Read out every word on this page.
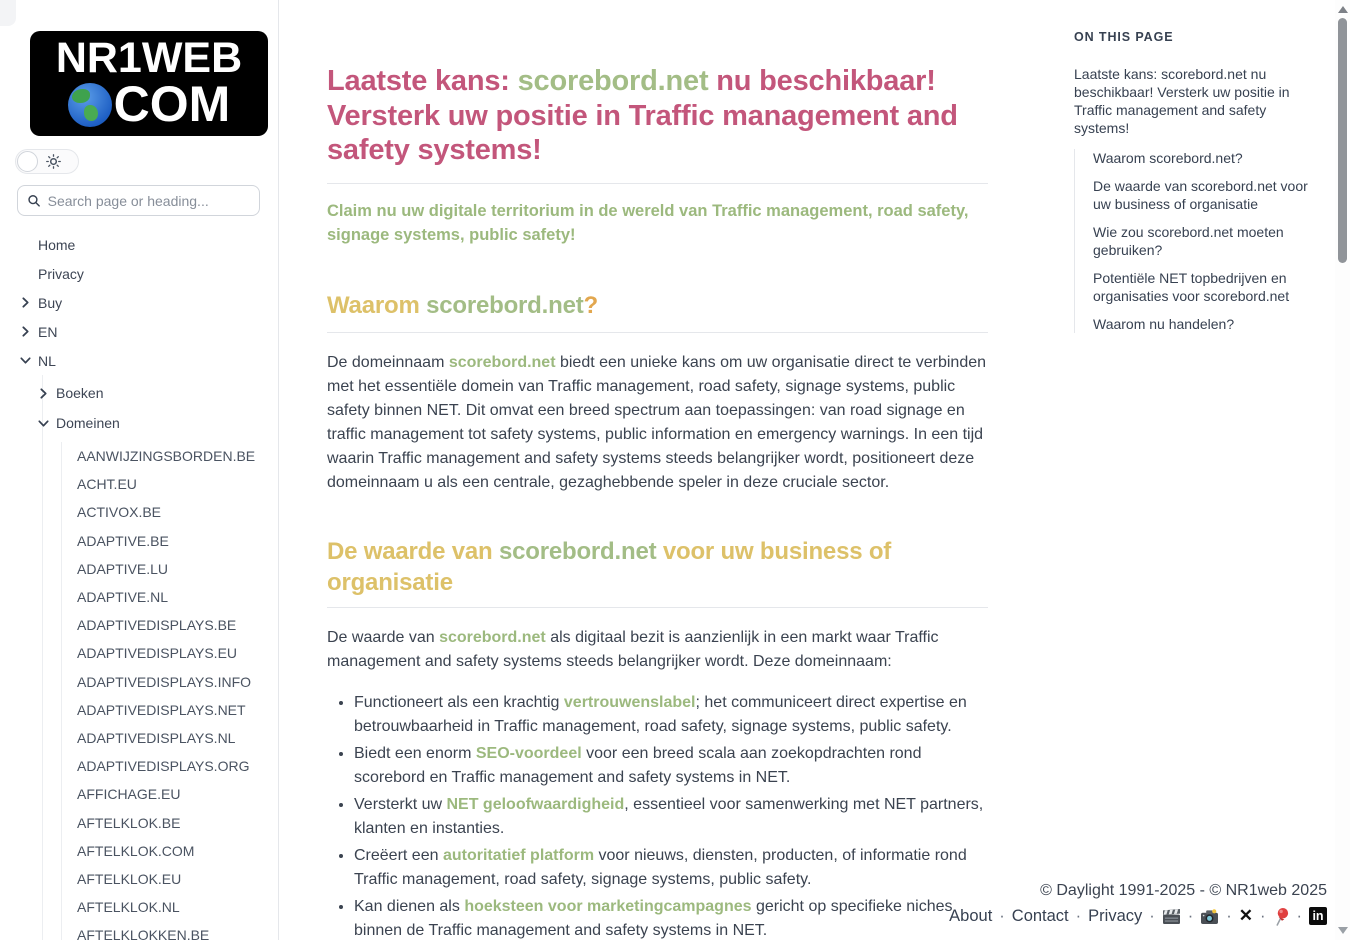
NR1WEB
COM
Search page or heading...
Home
Privacy
Buy
EN
NL
Boeken
Domeinen
AANWIJZINGSBORDEN.BE
ACHT.EU
ACTIVOX.BE
ADAPTIVE.BE
ADAPTIVE.LU
ADAPTIVE.NL
ADAPTIVEDISPLAYS.BE
ADAPTIVEDISPLAYS.EU
ADAPTIVEDISPLAYS.INFO
ADAPTIVEDISPLAYS.NET
ADAPTIVEDISPLAYS.NL
ADAPTIVEDISPLAYS.ORG
AFFICHAGE.EU
AFTELKLOK.BE
AFTELKLOK.COM
AFTELKLOK.EU
AFTELKLOK.NL
AFTELKLOKKEN.BE
Laatste kans: scorebord.net nu beschikbaar! Versterk uw positie in Traffic management and safety systems!

Claim nu uw digitale territorium in de wereld van Traffic management, road safety, signage systems, public safety!

Waarom scorebord.net?

De domeinnaam scorebord.net biedt een unieke kans om uw organisatie direct te verbinden met het essentiële domein van Traffic management, road safety, signage systems, public safety binnen NET. Dit omvat een breed spectrum aan toepassingen: van road signage en traffic management tot safety systems, public information en emergency warnings. In een tijd waarin Traffic management and safety systems steeds belangrijker wordt, positioneert deze domeinnaam u als een centrale, gezaghebbende speler in deze cruciale sector.

De waarde van scorebord.net voor uw business of organisatie

De waarde van scorebord.net als digitaal bezit is aanzienlijk in een markt waar Traffic management and safety systems steeds belangrijker wordt. Deze domeinnaam:

• Functioneert als een krachtig vertrouwenslabel; het communiceert direct expertise en betrouwbaarheid in Traffic management, road safety, signage systems, public safety.
• Biedt een enorm SEO-voordeel voor een breed scala aan zoekopdrachten rond scorebord en Traffic management and safety systems in NET.
• Versterkt uw NET geloofwaardigheid, essentieel voor samenwerking met NET partners, klanten en instanties.
• Creëert een autoritatief platform voor nieuws, diensten, producten, of informatie rond Traffic management, road safety, signage systems, public safety.
• Kan dienen als hoeksteen voor marketingcampagnes gericht op specifieke niches binnen de Traffic management and safety systems in NET.
ON THIS PAGE
Laatste kans: scorebord.net nu beschikbaar! Versterk uw positie in Traffic management and safety systems!
Waarom scorebord.net?
De waarde van scorebord.net voor uw business of organisatie
Wie zou scorebord.net moeten gebruiken?
Potentiële NET topbedrijven en organisaties voor scorebord.net
Waarom nu handelen?
© Daylight 1991-2025 - © NR1web 2025
About · Contact · Privacy · · · ✕ · · in
